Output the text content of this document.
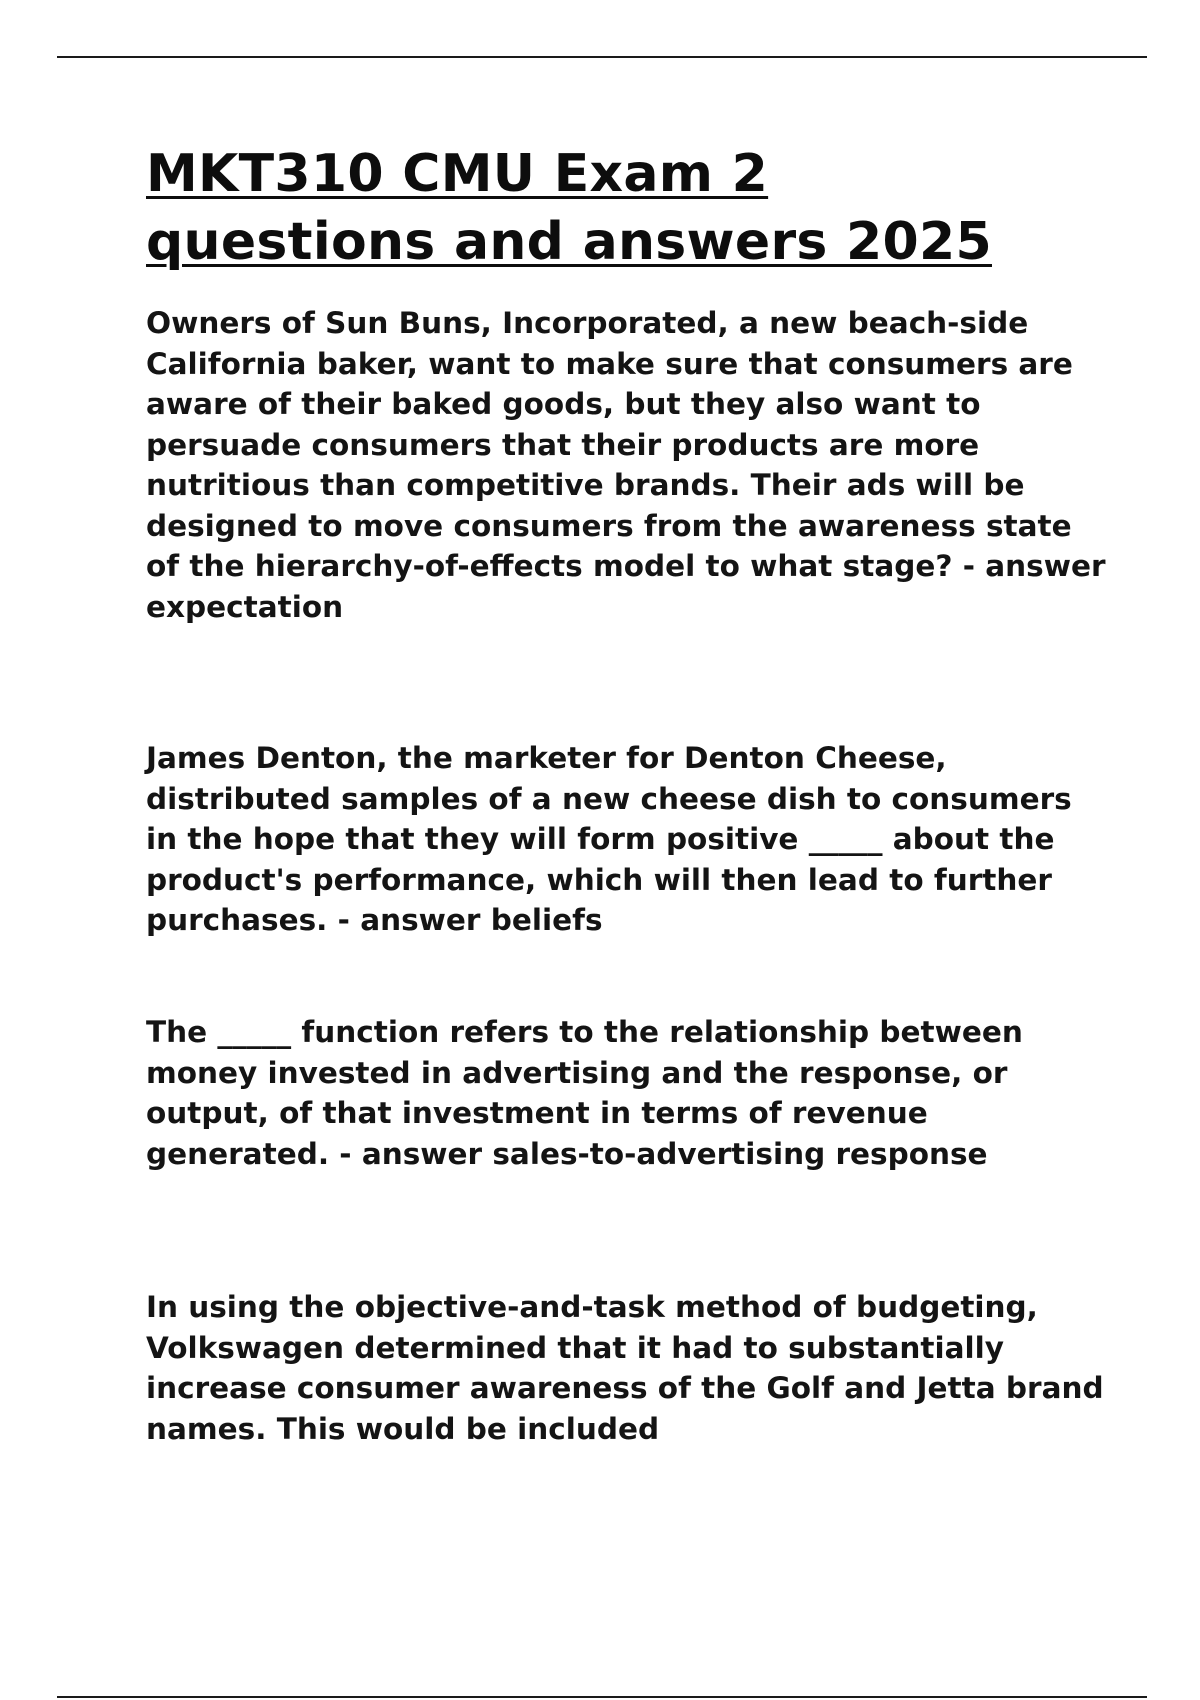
MKT310 CMU Exam 2
questions and answers 2025

Owners of Sun Buns, Incorporated, a new beach-side California baker, want to make sure that consumers are aware of their baked goods, but they also want to persuade consumers that their products are more nutritious than competitive brands. Their ads will be designed to move consumers from the awareness state of the hierarchy-of-effects model to what stage? - answer expectation

James Denton, the marketer for Denton Cheese, distributed samples of a new cheese dish to consumers in the hope that they will form positive _____ about the product's performance, which will then lead to further purchases. - answer beliefs

The _____ function refers to the relationship between money invested in advertising and the response, or output, of that investment in terms of revenue generated. - answer sales-to-advertising response

In using the objective-and-task method of budgeting, Volkswagen determined that it had to substantially increase consumer awareness of the Golf and Jetta brand names. This would be included
